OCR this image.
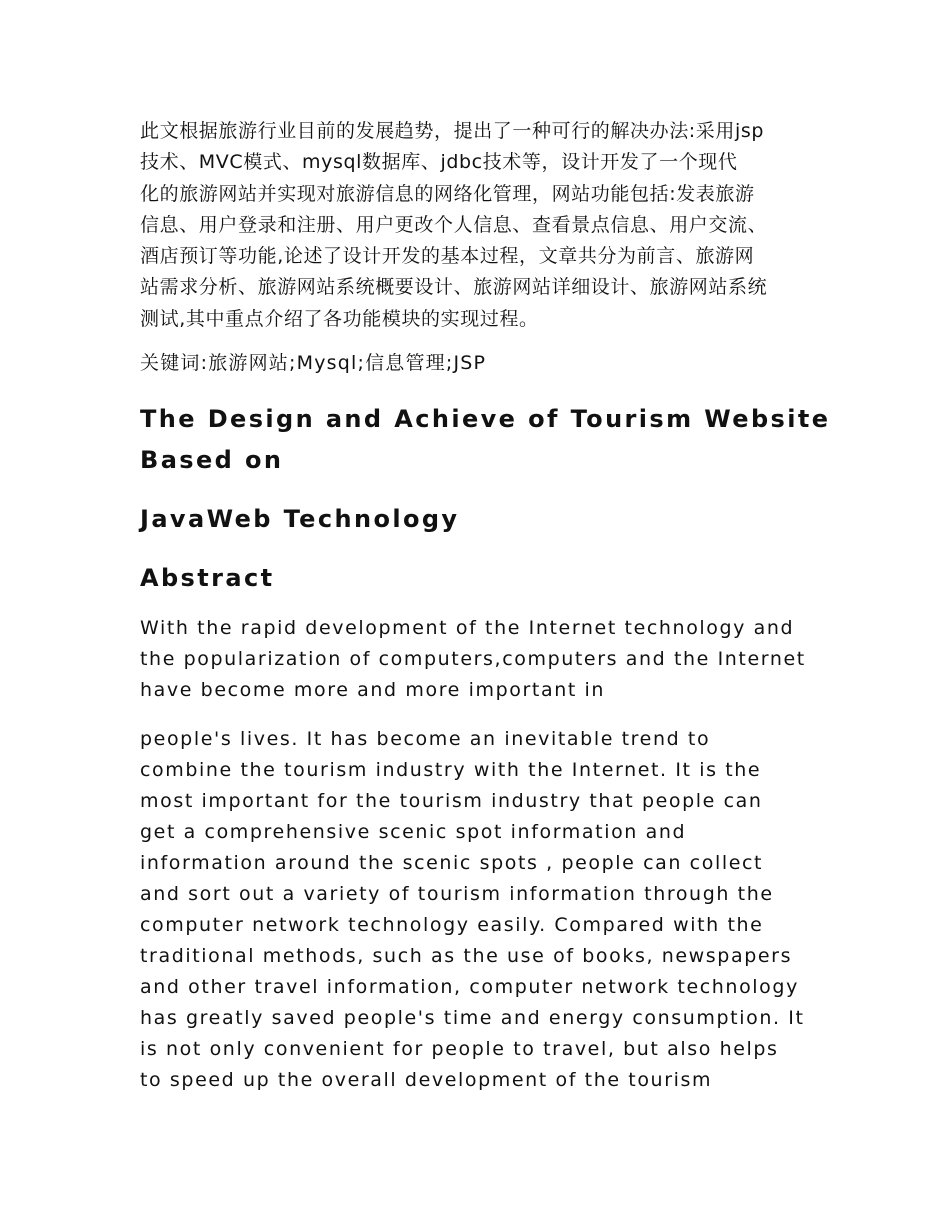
此文根据旅游行业目前的发展趋势，提出了一种可行的解决办法:采用jsp
技术、MVC模式、mysql数据库、jdbc技术等，设计开发了一个现代
化的旅游网站并实现对旅游信息的网络化管理，网站功能包括:发表旅游
信息、用户登录和注册、用户更改个人信息、查看景点信息、用户交流、
酒店预订等功能,论述了设计开发的基本过程，文章共分为前言、旅游网
站需求分析、旅游网站系统概要设计、旅游网站详细设计、旅游网站系统
测试,其中重点介绍了各功能模块的实现过程。

关键词:旅游网站;Mysql;信息管理;JSP
The Design and Achieve of Tourism Website
Based on
JavaWeb Technology
Abstract

With the rapid development of the Internet technology and
the popularization of computers,computers and the Internet
have become more and more important in

people's lives. It has become an inevitable trend to
combine the tourism industry with the Internet. It is the
most important for the tourism industry that people can
get a comprehensive scenic spot information and
information around the scenic spots , people can collect
and sort out a variety of tourism information through the
computer network technology easily. Compared with the
traditional methods, such as the use of books, newspapers
and other travel information, computer network technology
has greatly saved people's time and energy consumption. It
is not only convenient for people to travel, but also helps
to speed up the overall development of the tourism
